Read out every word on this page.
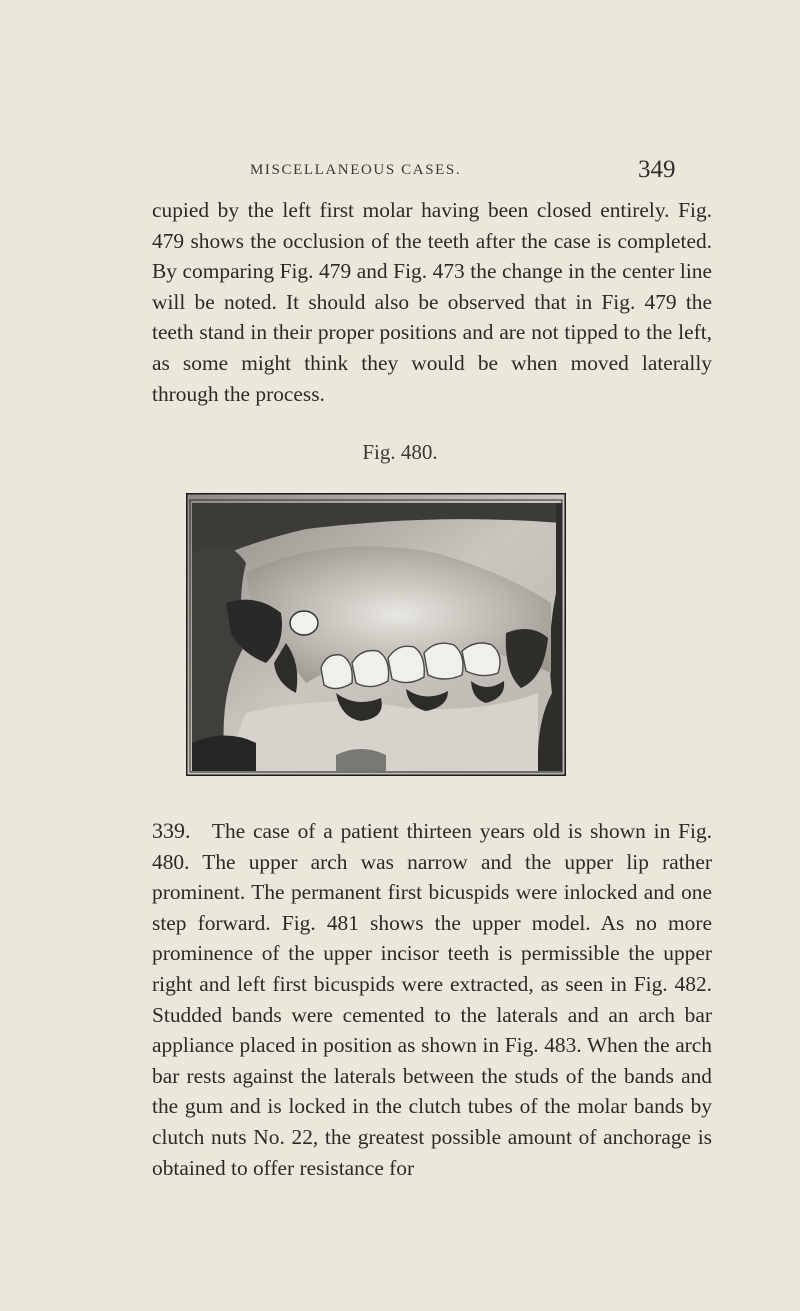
MISCELLANEOUS CASES.	349

cupied by the left first molar having been closed entirely. Fig. 479 shows the occlusion of the teeth after the case is completed. By comparing Fig. 479 and Fig. 473 the change in the center line will be noted. It should also be observed that in Fig. 479 the teeth stand in their proper positions and are not tipped to the left, as some might think they would be when moved laterally through the process.

Fig. 480.

339.  The case of a patient thirteen years old is shown in Fig. 480. The upper arch was narrow and the upper lip rather prominent. The permanent first bicuspids were inlocked and one step forward. Fig. 481 shows the upper model. As no more prominence of the upper incisor teeth is permissible the upper right and left first bicuspids were extracted, as seen in Fig. 482. Studded bands were cemented to the laterals and an arch bar appliance placed in position as shown in Fig. 483. When the arch bar rests against the laterals between the studs of the bands and the gum and is locked in the clutch tubes of the molar bands by clutch nuts No. 22, the greatest possible amount of anchorage is obtained to offer resistance for
